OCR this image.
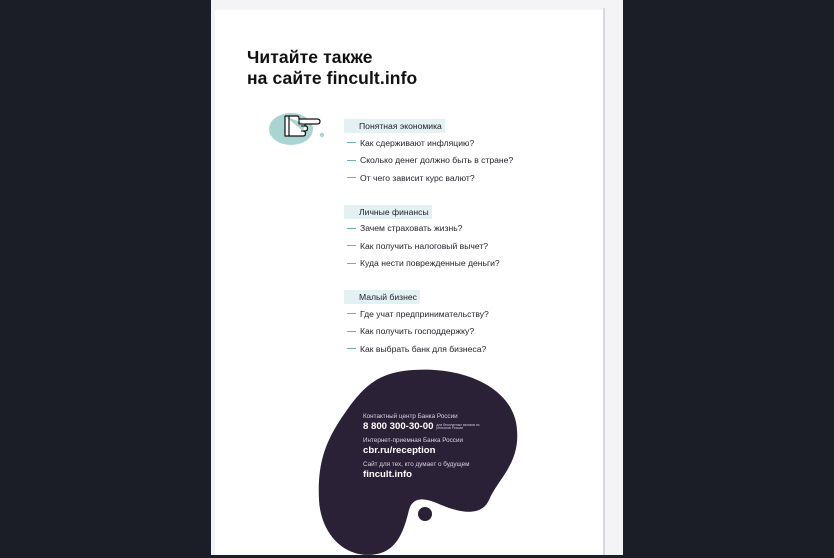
Читайте также
на сайте fincult.info
Понятная экономика
Как сдерживают инфляцию?
Сколько денег должно быть в стране?
От чего зависит курс валют?
Личные финансы
Зачем страховать жизнь?
Как получить налоговый вычет?
Куда нести поврежденные деньги?
Малый бизнес
Где учат предпринимательству?
Как получить господдержку?
Как выбрать банк для бизнеса?
Контактный центр Банка России
8 800 300-30-00 для бесплатных звонков из регионов России
Интернет-приемная Банка России
cbr.ru/reception
Сайт для тех, кто думает о будущем
fincult.info
